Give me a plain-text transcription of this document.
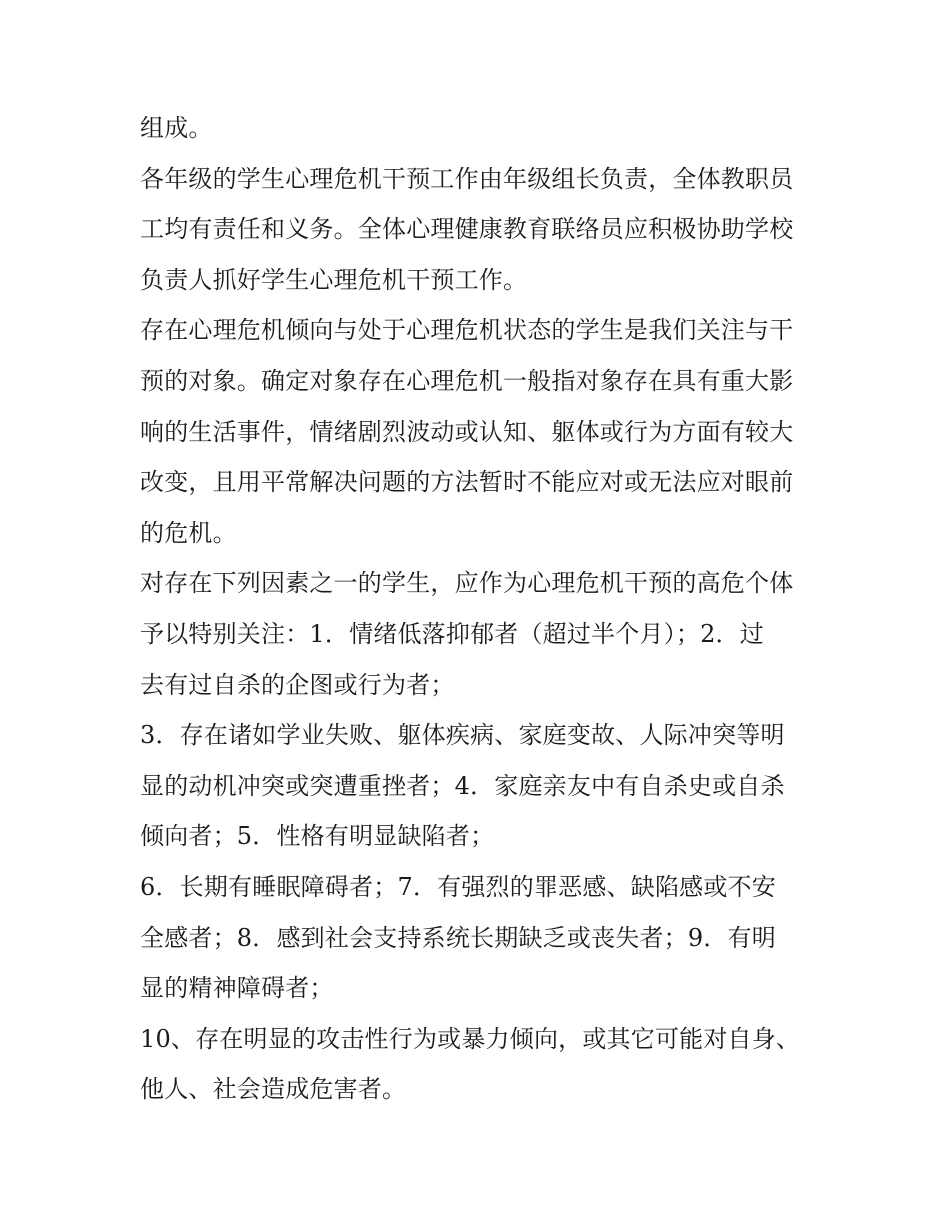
组成。

各年级的学生心理危机干预工作由年级组长负责，全体教职员
工均有责任和义务。全体心理健康教育联络员应积极协助学校
负责人抓好学生心理危机干预工作。

存在心理危机倾向与处于心理危机状态的学生是我们关注与干
预的对象。确定对象存在心理危机一般指对象存在具有重大影
响的生活事件，情绪剧烈波动或认知、躯体或行为方面有较大
改变，且用平常解决问题的方法暂时不能应对或无法应对眼前
的危机。

对存在下列因素之一的学生，应作为心理危机干预的高危个体
予以特别关注：1．情绪低落抑郁者（超过半个月）；2．过
去有过自杀的企图或行为者；

3．存在诸如学业失败、躯体疾病、家庭变故、人际冲突等明
显的动机冲突或突遭重挫者；4．家庭亲友中有自杀史或自杀
倾向者；5．性格有明显缺陷者；

6．长期有睡眠障碍者；7．有强烈的罪恶感、缺陷感或不安
全感者；8．感到社会支持系统长期缺乏或丧失者；9．有明
显的精神障碍者；

10、存在明显的攻击性行为或暴力倾向，或其它可能对自身、
他人、社会造成危害者。
